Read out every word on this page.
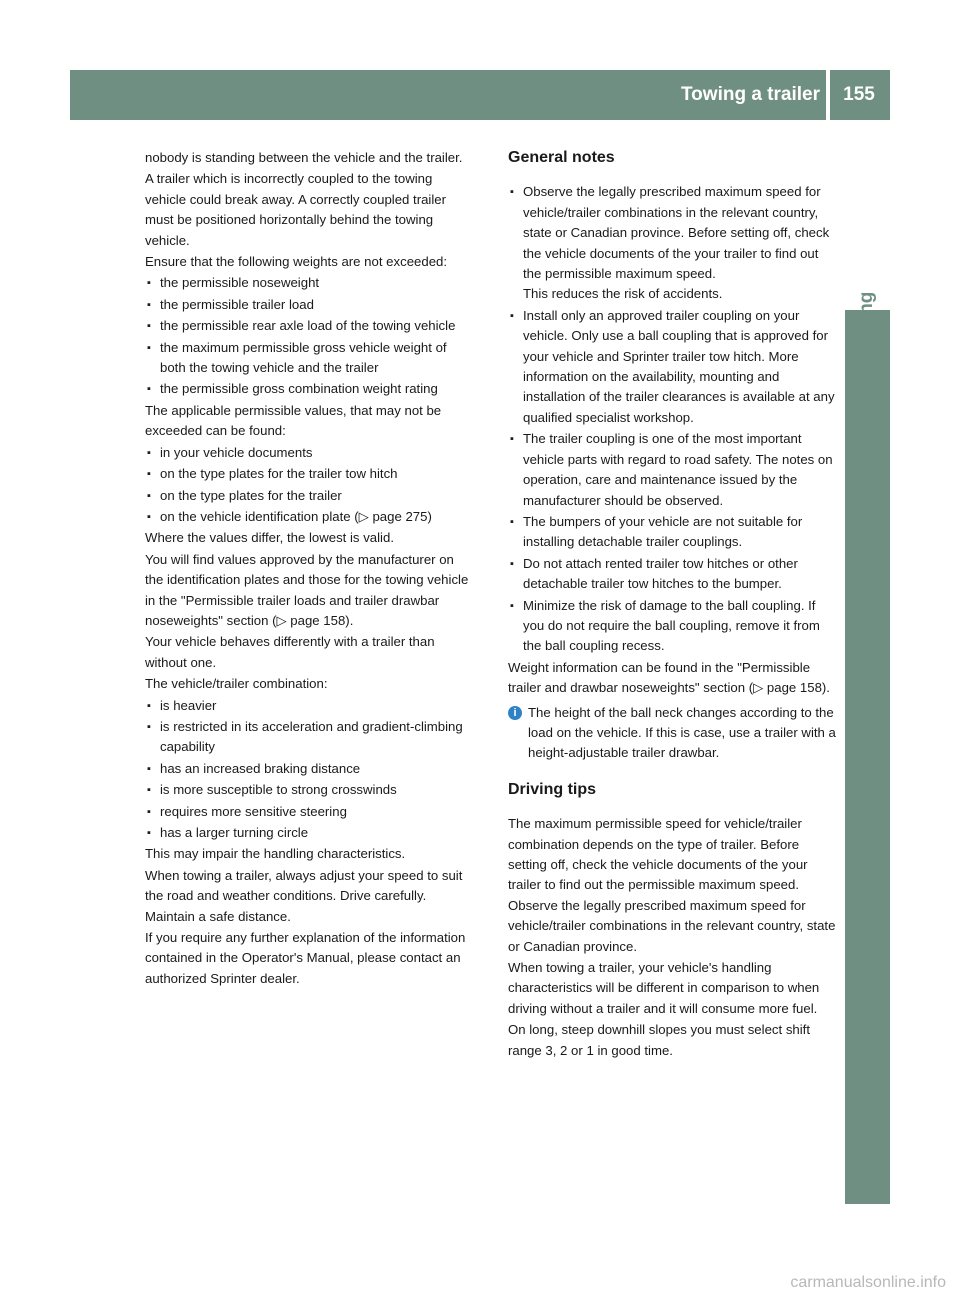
Towing a trailer	155
Driving and parking

nobody is standing between the vehicle and the trailer.

A trailer which is incorrectly coupled to the towing vehicle could break away. A correctly coupled trailer must be positioned horizontally behind the towing vehicle.

Ensure that the following weights are not exceeded:

▪ the permissible noseweight
▪ the permissible trailer load
▪ the permissible rear axle load of the towing vehicle
▪ the maximum permissible gross vehicle weight of both the towing vehicle and the trailer
▪ the permissible gross combination weight rating

The applicable permissible values, that may not be exceeded can be found:

▪ in your vehicle documents
▪ on the type plates for the trailer tow hitch
▪ on the type plates for the trailer
▪ on the vehicle identification plate (▷ page 275)

Where the values differ, the lowest is valid.

You will find values approved by the manufacturer on the identification plates and those for the towing vehicle in the "Permissible trailer loads and trailer drawbar noseweights" section (▷ page 158).

Your vehicle behaves differently with a trailer than without one.

The vehicle/trailer combination:

▪ is heavier
▪ is restricted in its acceleration and gradient-climbing capability
▪ has an increased braking distance
▪ is more susceptible to strong crosswinds
▪ requires more sensitive steering
▪ has a larger turning circle

This may impair the handling characteristics.

When towing a trailer, always adjust your speed to suit the road and weather conditions. Drive carefully. Maintain a safe distance.

If you require any further explanation of the information contained in the Operator's Manual, please contact an authorized Sprinter dealer.

General notes

▪ Observe the legally prescribed maximum speed for vehicle/trailer combinations in the relevant country, state or Canadian province. Before setting off, check the vehicle documents of the your trailer to find out the permissible maximum speed.

This reduces the risk of accidents.

▪ Install only an approved trailer coupling on your vehicle. Only use a ball coupling that is approved for your vehicle and Sprinter trailer tow hitch. More information on the availability, mounting and installation of the trailer clearances is available at any qualified specialist workshop.

▪ The trailer coupling is one of the most important vehicle parts with regard to road safety. The notes on operation, care and maintenance issued by the manufacturer should be observed.

▪ The bumpers of your vehicle are not suitable for installing detachable trailer couplings.

▪ Do not attach rented trailer tow hitches or other detachable trailer tow hitches to the bumper.

▪ Minimize the risk of damage to the ball coupling. If you do not require the ball coupling, remove it from the ball coupling recess.

Weight information can be found in the "Permissible trailer and drawbar noseweights" section (▷ page 158).

i The height of the ball neck changes according to the load on the vehicle. If this is case, use a trailer with a height-adjustable trailer drawbar.
Driving tips

The maximum permissible speed for vehicle/trailer combination depends on the type of trailer. Before setting off, check the vehicle documents of the your trailer to find out the permissible maximum speed. Observe the legally prescribed maximum speed for vehicle/trailer combinations in the relevant country, state or Canadian province.

When towing a trailer, your vehicle's handling characteristics will be different in comparison to when driving without a trailer and it will consume more fuel.

On long, steep downhill slopes you must select shift range 3, 2 or 1 in good time.

carmanualsonline.info
